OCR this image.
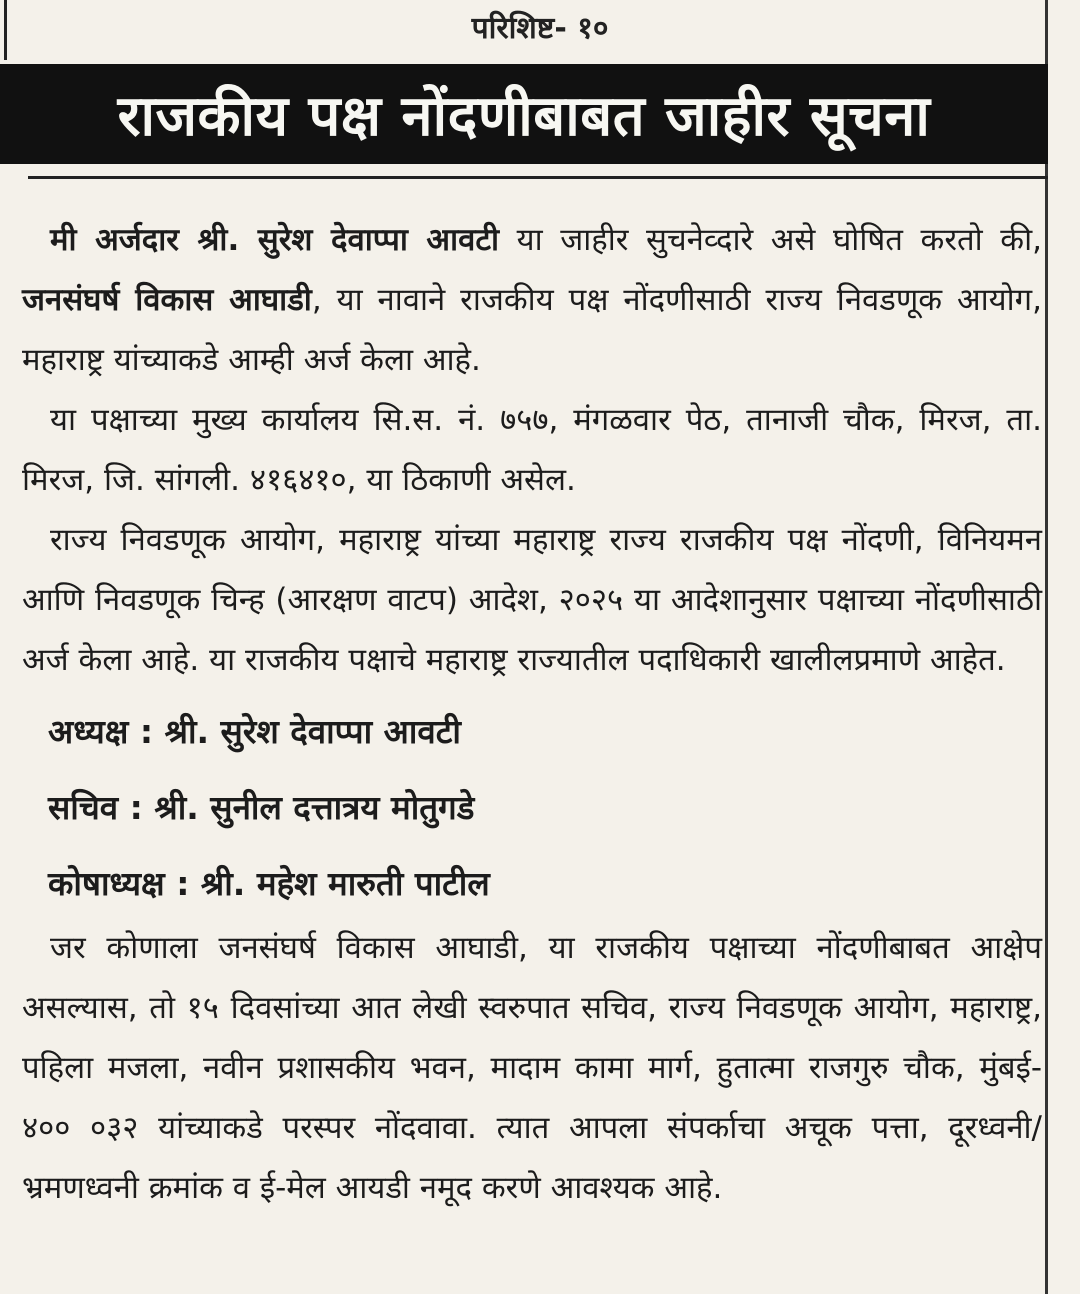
परिशिष्ट- १०
राजकीय पक्ष नोंदणीबाबत जाहीर सूचना

मी अर्जदार श्री. सुरेश देवाप्पा आवटी या जाहीर सुचनेव्दारे असे घोषित करतो की, जनसंघर्ष विकास आघाडी, या नावाने राजकीय पक्ष नोंदणीसाठी राज्य निवडणूक आयोग, महाराष्ट्र यांच्याकडे आम्ही अर्ज केला आहे.

या पक्षाच्या मुख्य कार्यालय सि.स. नं. ७५७, मंगळवार पेठ, तानाजी चौक, मिरज, ता. मिरज, जि. सांगली. ४१६४१०, या ठिकाणी असेल.

राज्य निवडणूक आयोग, महाराष्ट्र यांच्या महाराष्ट्र राज्य राजकीय पक्ष नोंदणी, विनियमन आणि निवडणूक चिन्ह (आरक्षण वाटप) आदेश, २०२५ या आदेशानुसार पक्षाच्या नोंदणीसाठी अर्ज केला आहे. या राजकीय पक्षाचे महाराष्ट्र राज्यातील पदाधिकारी खालीलप्रमाणे आहेत.

अध्यक्ष : श्री. सुरेश देवाप्पा आवटी
सचिव : श्री. सुनील दत्तात्रय मोतुगडे
कोषाध्यक्ष : श्री. महेश मारुती पाटील

जर कोणाला जनसंघर्ष विकास आघाडी, या राजकीय पक्षाच्या नोंदणीबाबत आक्षेप असल्यास, तो १५ दिवसांच्या आत लेखी स्वरुपात सचिव, राज्य निवडणूक आयोग, महाराष्ट्र, पहिला मजला, नवीन प्रशासकीय भवन, मादाम कामा मार्ग, हुतात्मा राजगुरु चौक, मुंबई- ४०० ०३२ यांच्याकडे परस्पर नोंदवावा. त्यात आपला संपर्काचा अचूक पत्ता, दूरध्वनी/भ्रमणध्वनी क्रमांक व ई-मेल आयडी नमूद करणे आवश्यक आहे.
